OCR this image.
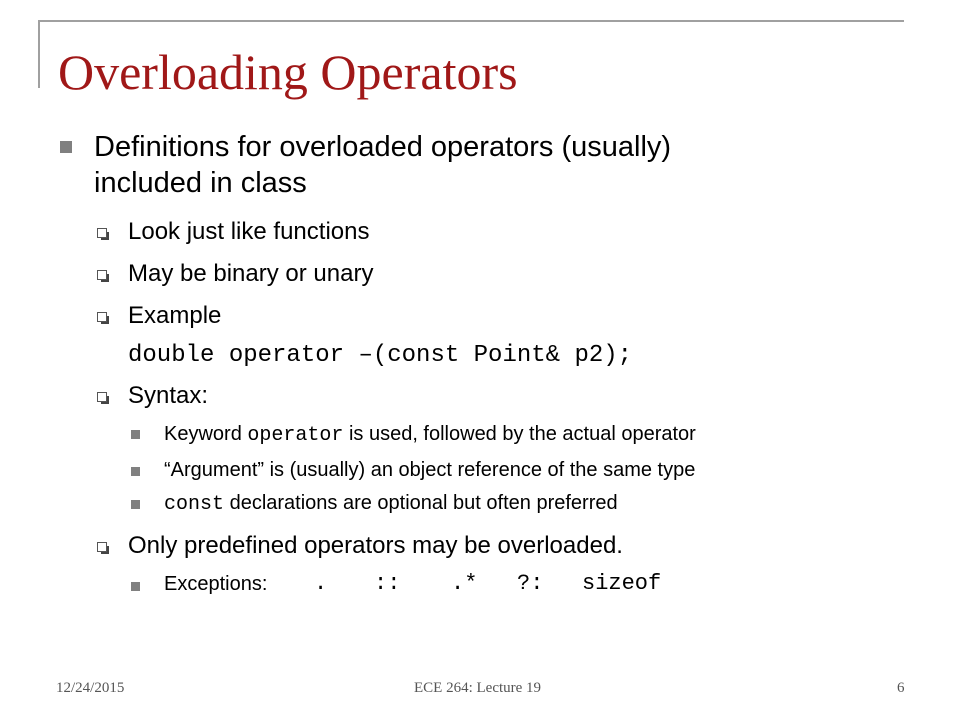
Overloading Operators
Definitions for overloaded operators (usually)
included in class
Look just like functions
May be binary or unary
Example
double operator –(const Point& p2);
Syntax:
Keyword operator is used, followed by the actual operator
“Argument” is (usually) an object reference of the same type
const declarations are optional but often preferred
Only predefined operators may be overloaded.
Exceptions: . :: .* ?: sizeof
12/24/2015	ECE 264: Lecture 19	6
